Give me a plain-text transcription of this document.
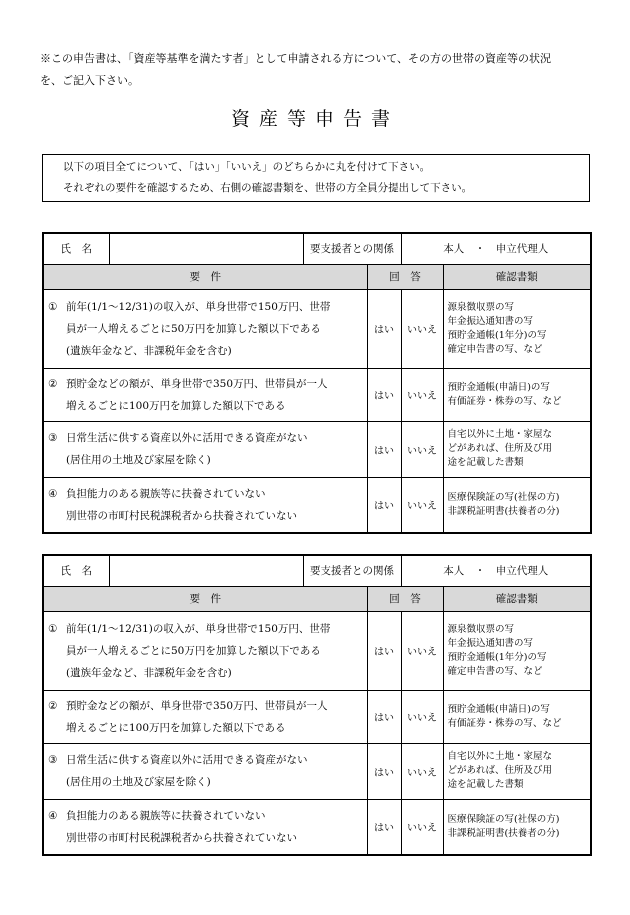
※この申告書は、「資産等基準を満たす者」として申請される方について、その方の世帯の資産等の状況
を、ご記入下さい。
資産等申告書
以下の項目全てについて、「はい」「いいえ」のどちらかに丸を付けて下さい。
それぞれの要件を確認するため、右側の確認書類を、世帯の方全員分提出して下さい。
氏　名		要支援者との関係		本人　・　申立代理人	
要　件			回　答		確認書類

① 前年(1/1～12/31)の収入が、単身世帯で150万円、世帯
員が一人増えるごとに50万円を加算した額以下である
(遺族年金など、非課税年金を含む)			はい	いいえ	源泉徴収票の写
年金振込通知書の写
預貯金通帳(1年分)の写
確定申告書の写、など

② 預貯金などの額が、単身世帯で350万円、世帯員が一人
増えるごとに100万円を加算した額以下である			はい	いいえ	預貯金通帳(申請日)の写
有価証券・株券の写、など

③ 日常生活に供する資産以外に活用できる資産がない
(居住用の土地及び家屋を除く)			はい	いいえ	自宅以外に土地・家屋な
どがあれば、住所及び用
途を記載した書類

④ 負担能力のある親族等に扶養されていない
別世帯の市町村民税課税者から扶養されていない			はい	いいえ	医療保険証の写(社保の方)
非課税証明書(扶養者の分)
氏　名		要支援者との関係		本人　・　申立代理人	
要　件			回　答		確認書類

① 前年(1/1～12/31)の収入が、単身世帯で150万円、世帯
員が一人増えるごとに50万円を加算した額以下である
(遺族年金など、非課税年金を含む)			はい	いいえ	源泉徴収票の写
年金振込通知書の写
預貯金通帳(1年分)の写
確定申告書の写、など

② 預貯金などの額が、単身世帯で350万円、世帯員が一人
増えるごとに100万円を加算した額以下である			はい	いいえ	預貯金通帳(申請日)の写
有価証券・株券の写、など

③ 日常生活に供する資産以外に活用できる資産がない
(居住用の土地及び家屋を除く)			はい	いいえ	自宅以外に土地・家屋な
どがあれば、住所及び用
途を記載した書類

④ 負担能力のある親族等に扶養されていない
別世帯の市町村民税課税者から扶養されていない			はい	いいえ	医療保険証の写(社保の方)
非課税証明書(扶養者の分)
